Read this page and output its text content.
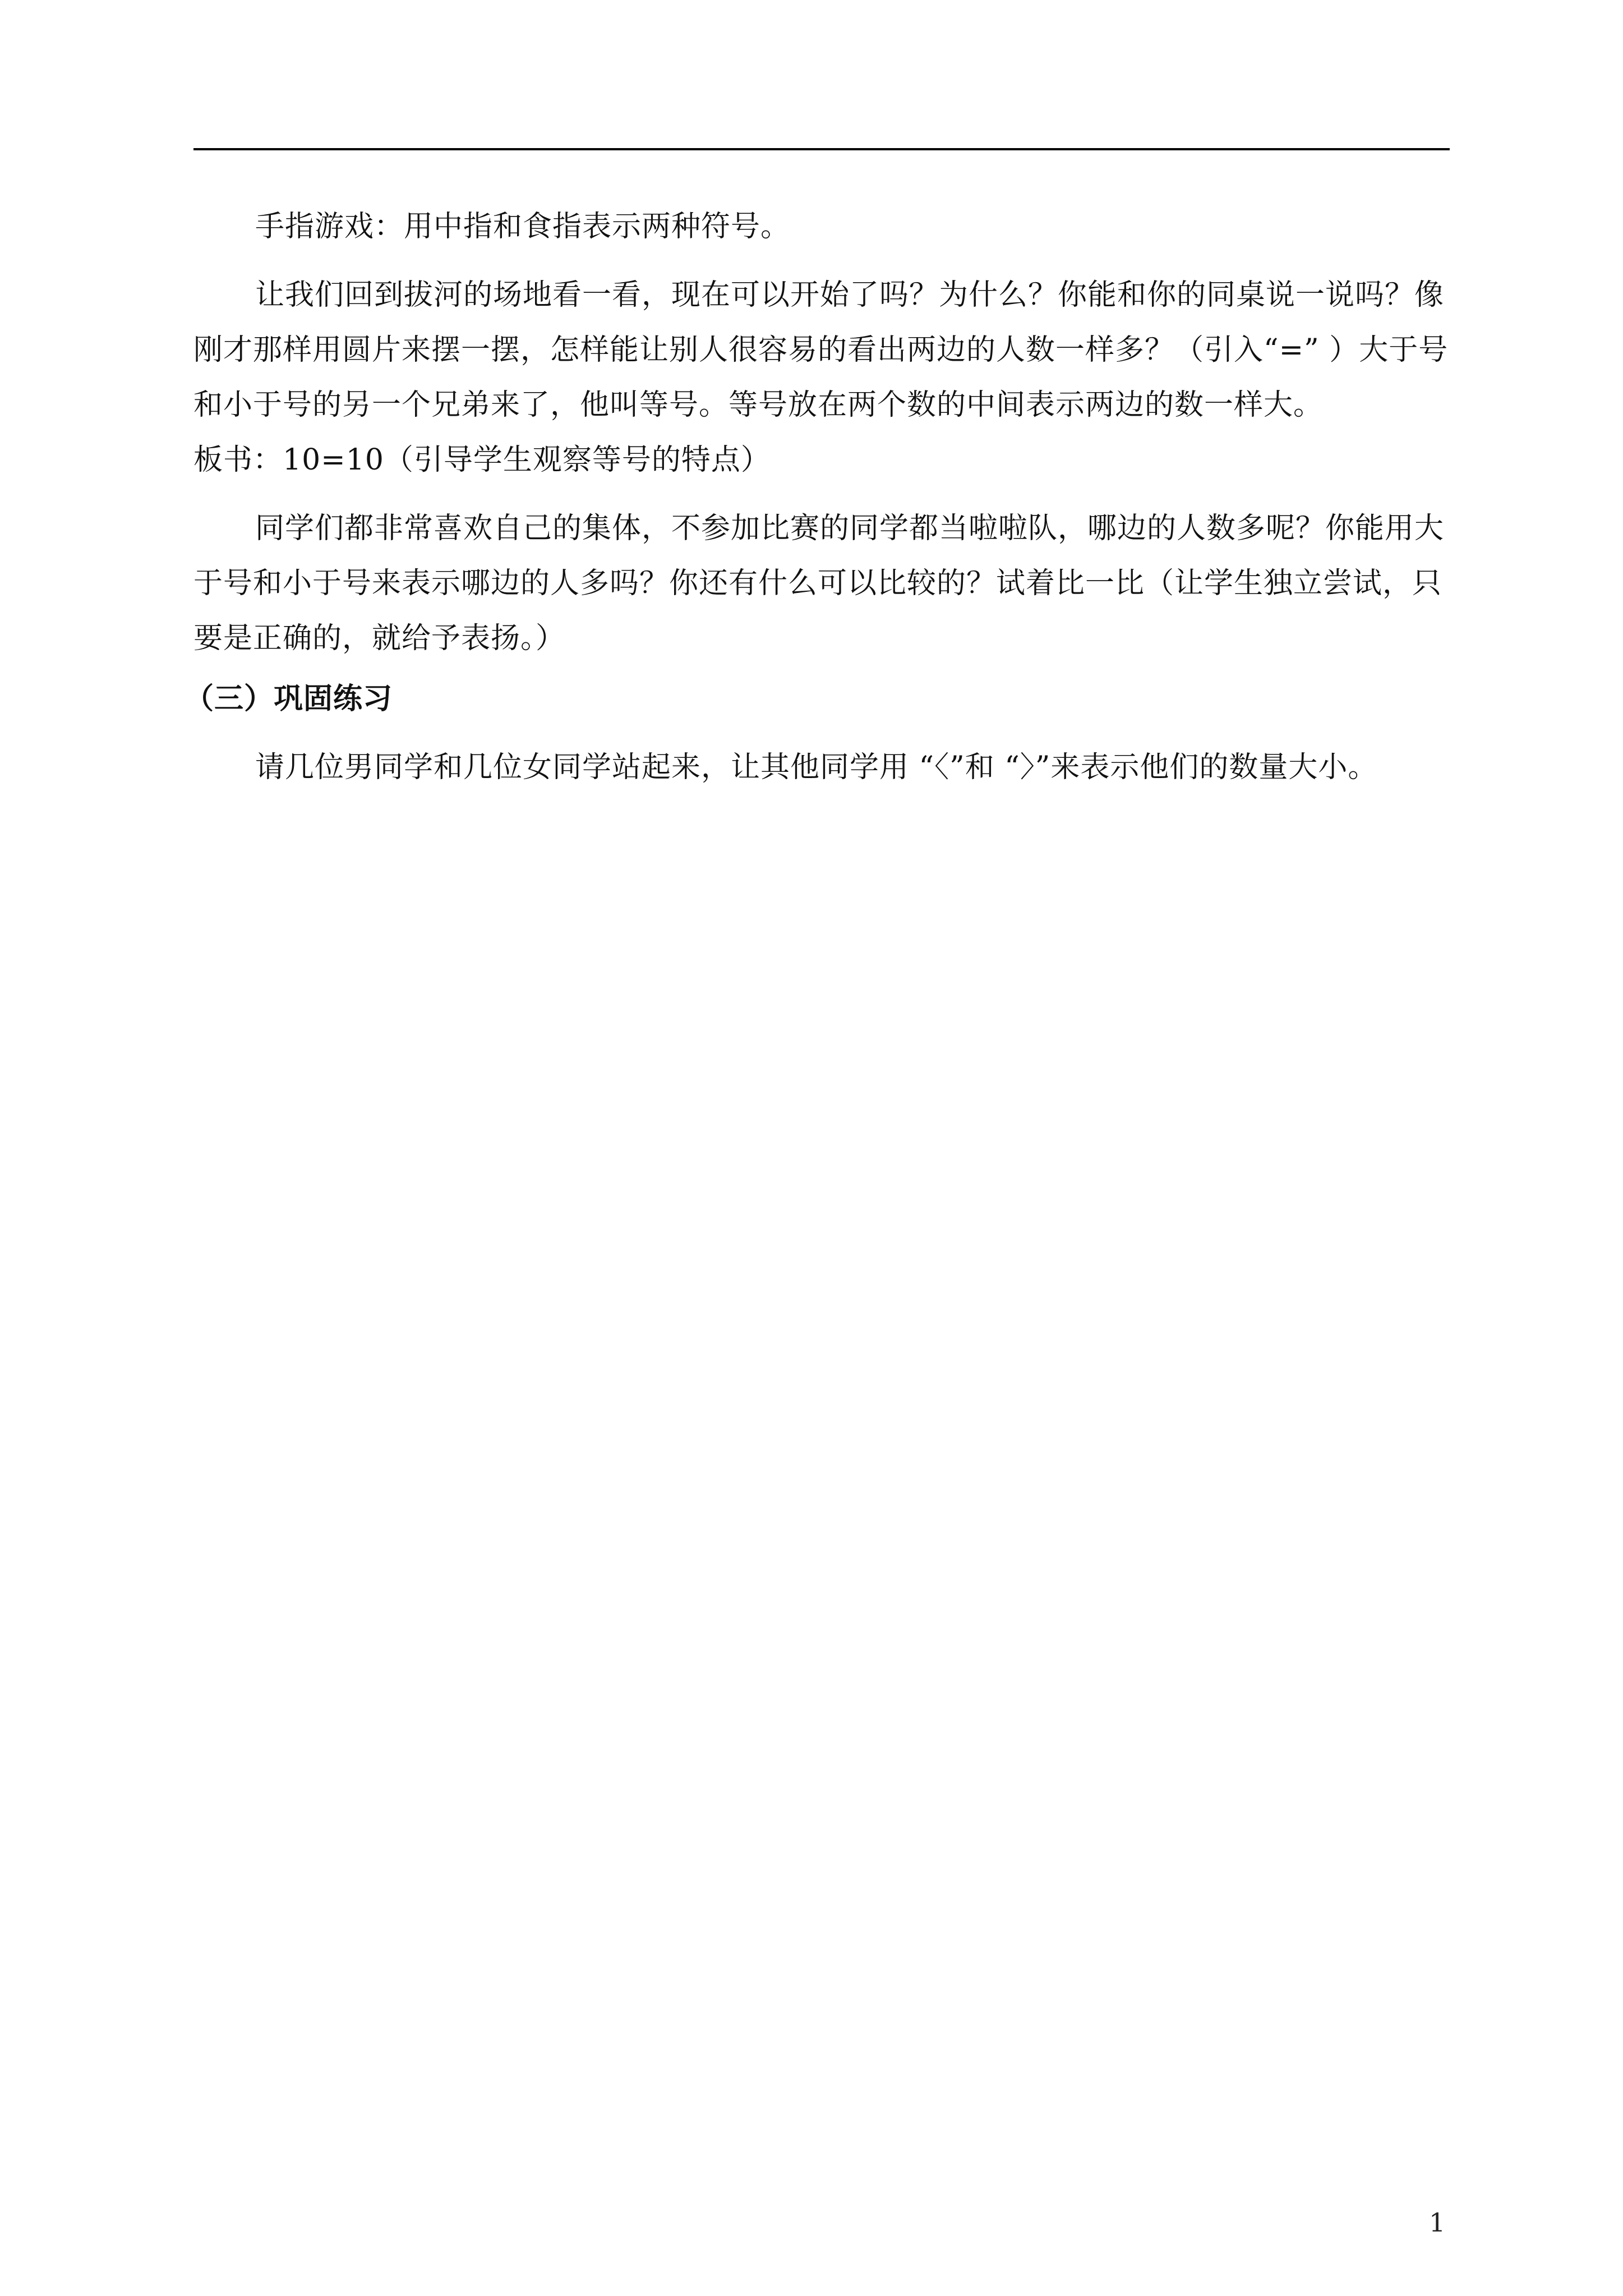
手指游戏：用中指和食指表示两种符号。

让我们回到拔河的场地看一看，现在可以开始了吗？为什么？你能和你的同桌说一说吗？像刚才那样用圆片来摆一摆，怎样能让别人很容易的看出两边的人数一样多？（引入“=” ）大于号和小于号的另一个兄弟来了，他叫等号。等号放在两个数的中间表示两边的数一样大。

板书：10=10（引导学生观察等号的特点）

同学们都非常喜欢自己的集体，不参加比赛的同学都当啦啦队，哪边的人数多呢？你能用大于号和小于号来表示哪边的人多吗？你还有什么可以比较的？试着比一比（让学生独立尝试，只要是正确的，就给予表扬。）

（三）巩固练习

请几位男同学和几位女同学站起来，让其他同学用 “〈”和 “〉”来表示他们的数量大小。

1
